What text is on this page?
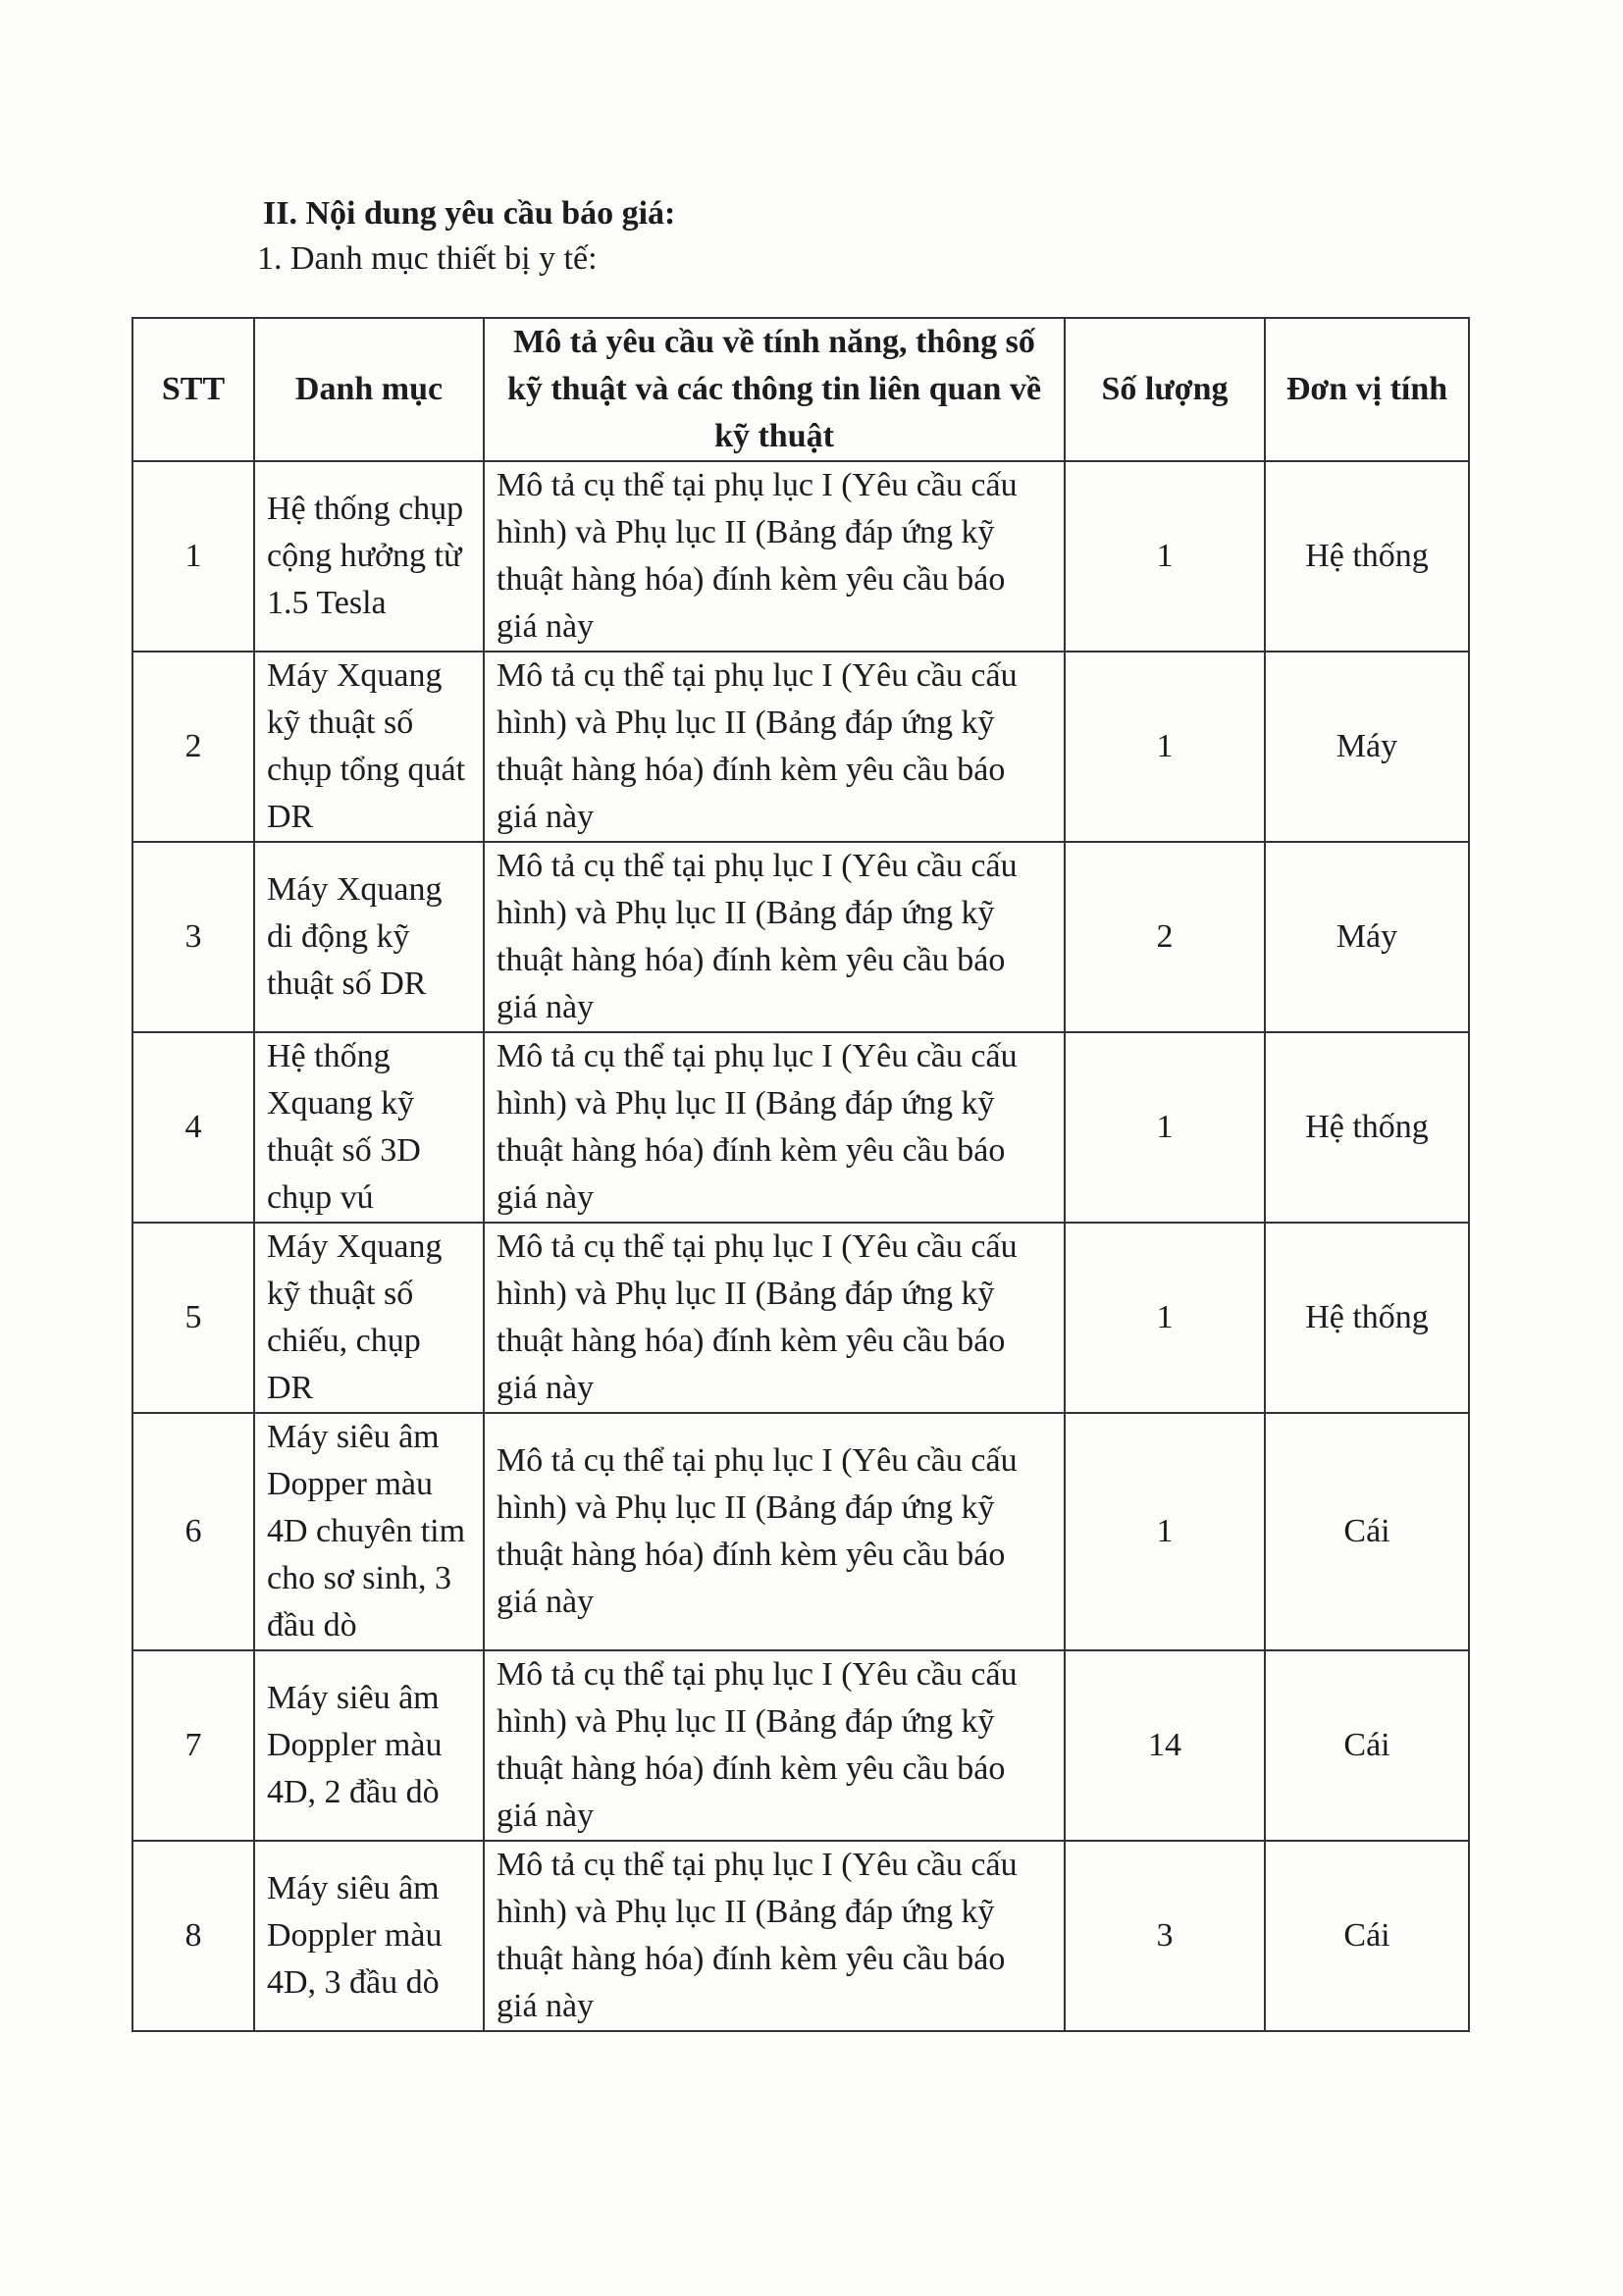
II. Nội dung yêu cầu báo giá:
1. Danh mục thiết bị y tế:
STT	Danh mục	Mô tả yêu cầu về tính năng, thông số kỹ thuật và các thông tin liên quan về kỹ thuật	Số lượng	Đơn vị tính
1	Hệ thống chụp cộng hưởng từ 1.5 Tesla	Mô tả cụ thể tại phụ lục I (Yêu cầu cấu hình) và Phụ lục II (Bảng đáp ứng kỹ thuật hàng hóa) đính kèm yêu cầu báo giá này	1	Hệ thống
2	Máy Xquang kỹ thuật số chụp tổng quát DR	Mô tả cụ thể tại phụ lục I (Yêu cầu cấu hình) và Phụ lục II (Bảng đáp ứng kỹ thuật hàng hóa) đính kèm yêu cầu báo giá này	1	Máy
3	Máy Xquang di động kỹ thuật số DR	Mô tả cụ thể tại phụ lục I (Yêu cầu cấu hình) và Phụ lục II (Bảng đáp ứng kỹ thuật hàng hóa) đính kèm yêu cầu báo giá này	2	Máy
4	Hệ thống Xquang kỹ thuật số 3D chụp vú	Mô tả cụ thể tại phụ lục I (Yêu cầu cấu hình) và Phụ lục II (Bảng đáp ứng kỹ thuật hàng hóa) đính kèm yêu cầu báo giá này	1	Hệ thống
5	Máy Xquang kỹ thuật số chiếu, chụp DR	Mô tả cụ thể tại phụ lục I (Yêu cầu cấu hình) và Phụ lục II (Bảng đáp ứng kỹ thuật hàng hóa) đính kèm yêu cầu báo giá này	1	Hệ thống
6	Máy siêu âm Dopper màu 4D chuyên tim cho sơ sinh, 3 đầu dò	Mô tả cụ thể tại phụ lục I (Yêu cầu cấu hình) và Phụ lục II (Bảng đáp ứng kỹ thuật hàng hóa) đính kèm yêu cầu báo giá này	1	Cái
7	Máy siêu âm Doppler màu 4D, 2 đầu dò	Mô tả cụ thể tại phụ lục I (Yêu cầu cấu hình) và Phụ lục II (Bảng đáp ứng kỹ thuật hàng hóa) đính kèm yêu cầu báo giá này	14	Cái
8	Máy siêu âm Doppler màu 4D, 3 đầu dò	Mô tả cụ thể tại phụ lục I (Yêu cầu cấu hình) và Phụ lục II (Bảng đáp ứng kỹ thuật hàng hóa) đính kèm yêu cầu báo giá này	3	Cái
